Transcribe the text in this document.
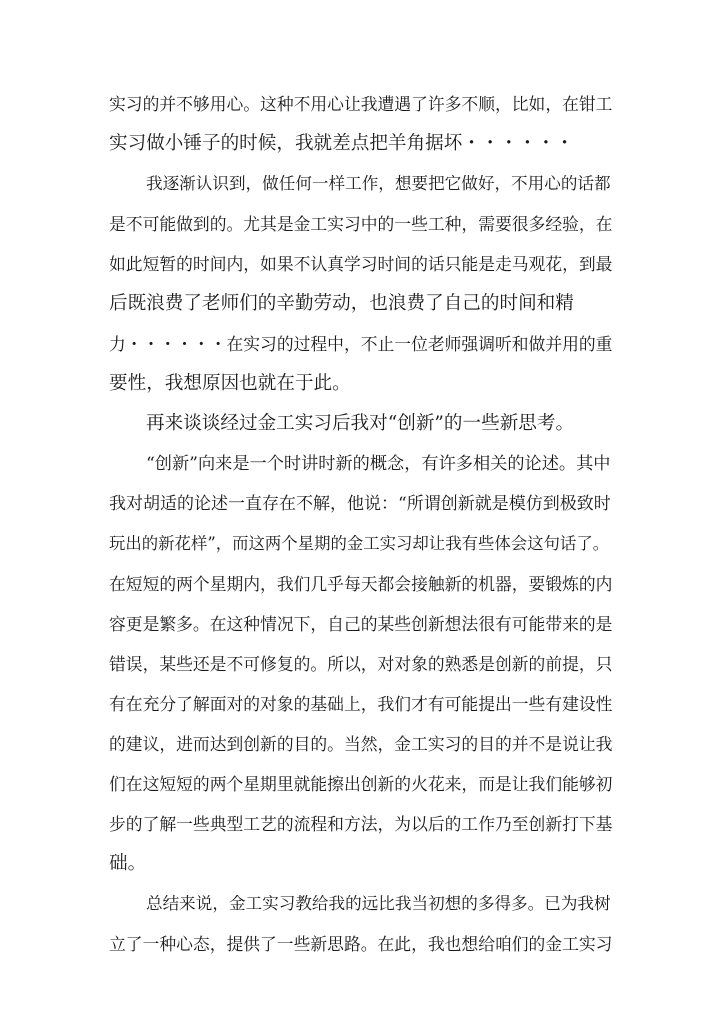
实习的并不够用心。这种不用心让我遭遇了许多不顺，比如，在钳工
实习做小锤子的时候，我就差点把羊角据坏・・・・・・
我逐渐认识到，做任何一样工作，想要把它做好，不用心的话都
是不可能做到的。尤其是金工实习中的一些工种，需要很多经验，在
如此短暂的时间内，如果不认真学习时间的话只能是走马观花，到最
后既浪费了老师们的辛勤劳动，也浪费了自己的时间和精
力・・・・・・在实习的过程中，不止一位老师强调听和做并用的重
要性，我想原因也就在于此。
再来谈谈经过金工实习后我对“创新”的一些新思考。
“创新”向来是一个时讲时新的概念，有许多相关的论述。其中
我对胡适的论述一直存在不解，他说：“所谓创新就是模仿到极致时
玩出的新花样”，而这两个星期的金工实习却让我有些体会这句话了。
在短短的两个星期内，我们几乎每天都会接触新的机器，要锻炼的内
容更是繁多。在这种情况下，自己的某些创新想法很有可能带来的是
错误，某些还是不可修复的。所以，对对象的熟悉是创新的前提，只
有在充分了解面对的对象的基础上，我们才有可能提出一些有建设性
的建议，进而达到创新的目的。当然，金工实习的目的并不是说让我
们在这短短的两个星期里就能擦出创新的火花来，而是让我们能够初
步的了解一些典型工艺的流程和方法，为以后的工作乃至创新打下基
础。
总结来说，金工实习教给我的远比我当初想的多得多。已为我树
立了一种心态，提供了一些新思路。在此，我也想给咱们的金工实习
